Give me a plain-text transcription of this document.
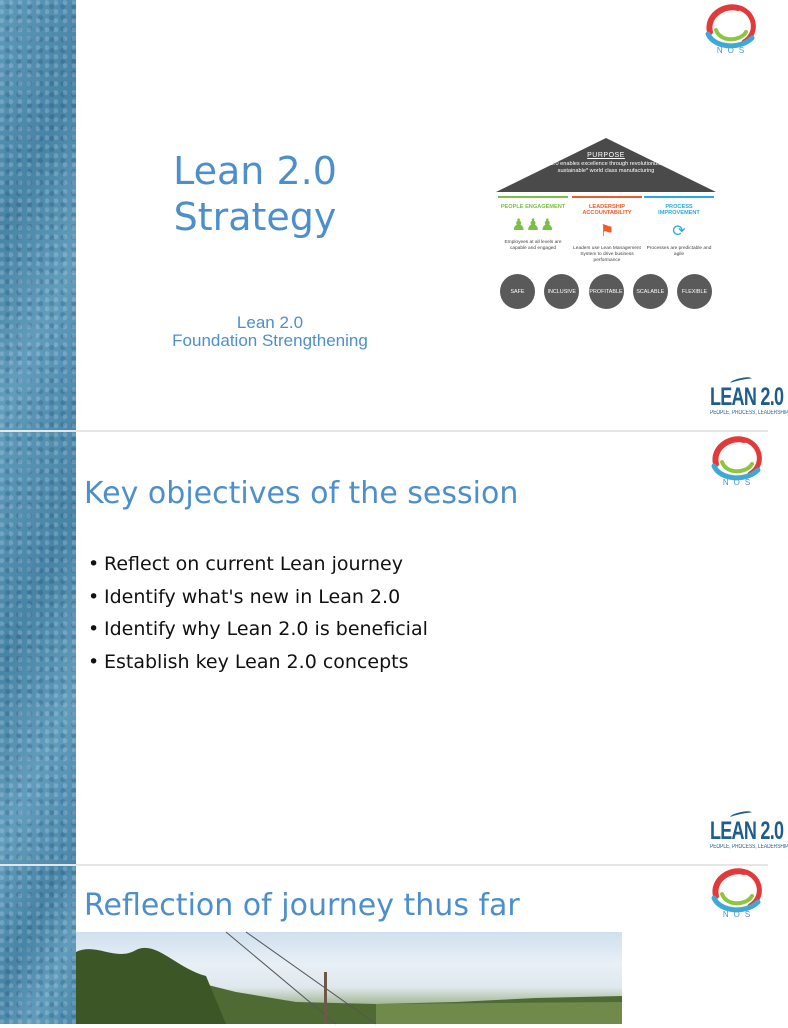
NOS
Lean 2.0 Strategy
Lean 2.0
Foundation Strengthening
PURPOSE
Lean 2.0 enables excellence through revolutionized and sustainable* world class manufacturing
PEOPLE ENGAGEMENT
♟♟♟
Employees at all levels are capable and engaged
LEADERSHIP ACCOUNTABILITY
⚑
Leaders use Lean Management System to drive business performance
PROCESS IMPROVEMENT
⟳
Processes are predictable and agile
SAFE	INCLUSIVE	PROFITABLE	SCALABLE	FLEXIBLE
LEAN 2.0
PEOPLE, PROCESS, LEADERSHIP
NOS
Key objectives of the session
• Reflect on current Lean journey
• Identify what's new in Lean 2.0
• Identify why Lean 2.0 is beneficial
• Establish key Lean 2.0 concepts
LEAN 2.0
PEOPLE, PROCESS, LEADERSHIP
NOS
Reflection of journey thus far
